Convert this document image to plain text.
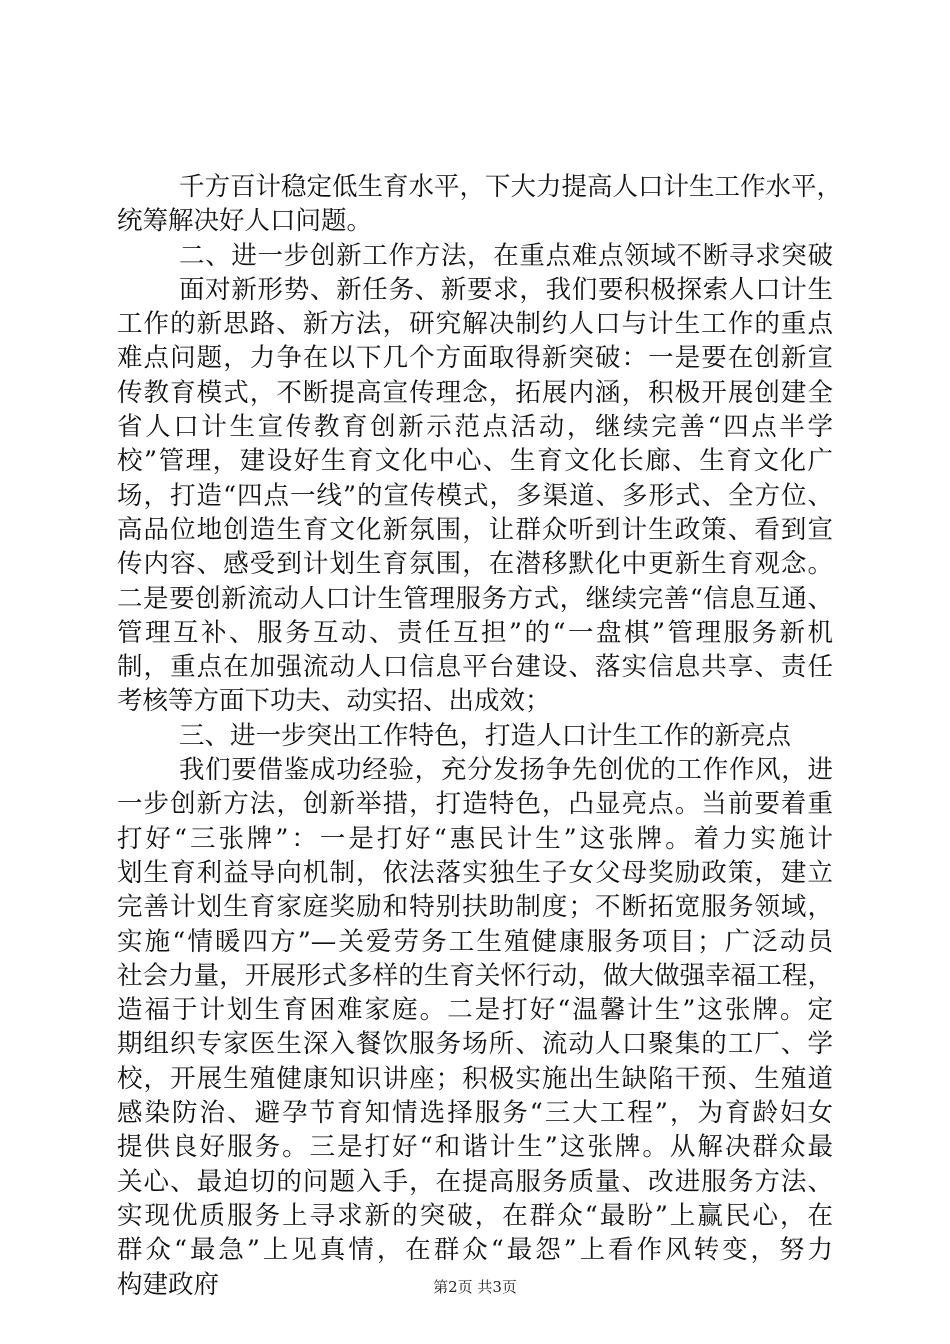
千方百计稳定低生育水平，下大力提高人口计生工作水平，
统筹解决好人口问题。
二、进一步创新工作方法，在重点难点领域不断寻求突破
面对新形势、新任务、新要求，我们要积极探索人口计生
工作的新思路、新方法，研究解决制约人口与计生工作的重点
难点问题，力争在以下几个方面取得新突破：一是要在创新宣
传教育模式，不断提高宣传理念，拓展内涵，积极开展创建全
省人口计生宣传教育创新示范点活动，继续完善“四点半学
校”管理，建设好生育文化中心、生育文化长廊、生育文化广
场，打造“四点一线”的宣传模式，多渠道、多形式、全方位、
高品位地创造生育文化新氛围，让群众听到计生政策、看到宣
传内容、感受到计划生育氛围，在潜移默化中更新生育观念。
二是要创新流动人口计生管理服务方式，继续完善“信息互通、
管理互补、服务互动、责任互担”的“一盘棋”管理服务新机
制，重点在加强流动人口信息平台建设、落实信息共享、责任
考核等方面下功夫、动实招、出成效；
三、进一步突出工作特色，打造人口计生工作的新亮点
我们要借鉴成功经验，充分发扬争先创优的工作作风，进
一步创新方法，创新举措，打造特色，凸显亮点。当前要着重
打好“三张牌”：一是打好“惠民计生”这张牌。着力实施计
划生育利益导向机制，依法落实独生子女父母奖励政策，建立
完善计划生育家庭奖励和特别扶助制度；不断拓宽服务领域，
实施“情暖四方”—关爱劳务工生殖健康服务项目；广泛动员
社会力量，开展形式多样的生育关怀行动，做大做强幸福工程，
造福于计划生育困难家庭。二是打好“温馨计生”这张牌。定
期组织专家医生深入餐饮服务场所、流动人口聚集的工厂、学
校，开展生殖健康知识讲座；积极实施出生缺陷干预、生殖道
感染防治、避孕节育知情选择服务“三大工程”，为育龄妇女
提供良好服务。三是打好“和谐计生”这张牌。从解决群众最
关心、最迫切的问题入手，在提高服务质量、改进服务方法、
实现优质服务上寻求新的突破，在群众“最盼”上赢民心，在
群众“最急”上见真情，在群众“最怨”上看作风转变，努力
构建政府	第2页 共3页
